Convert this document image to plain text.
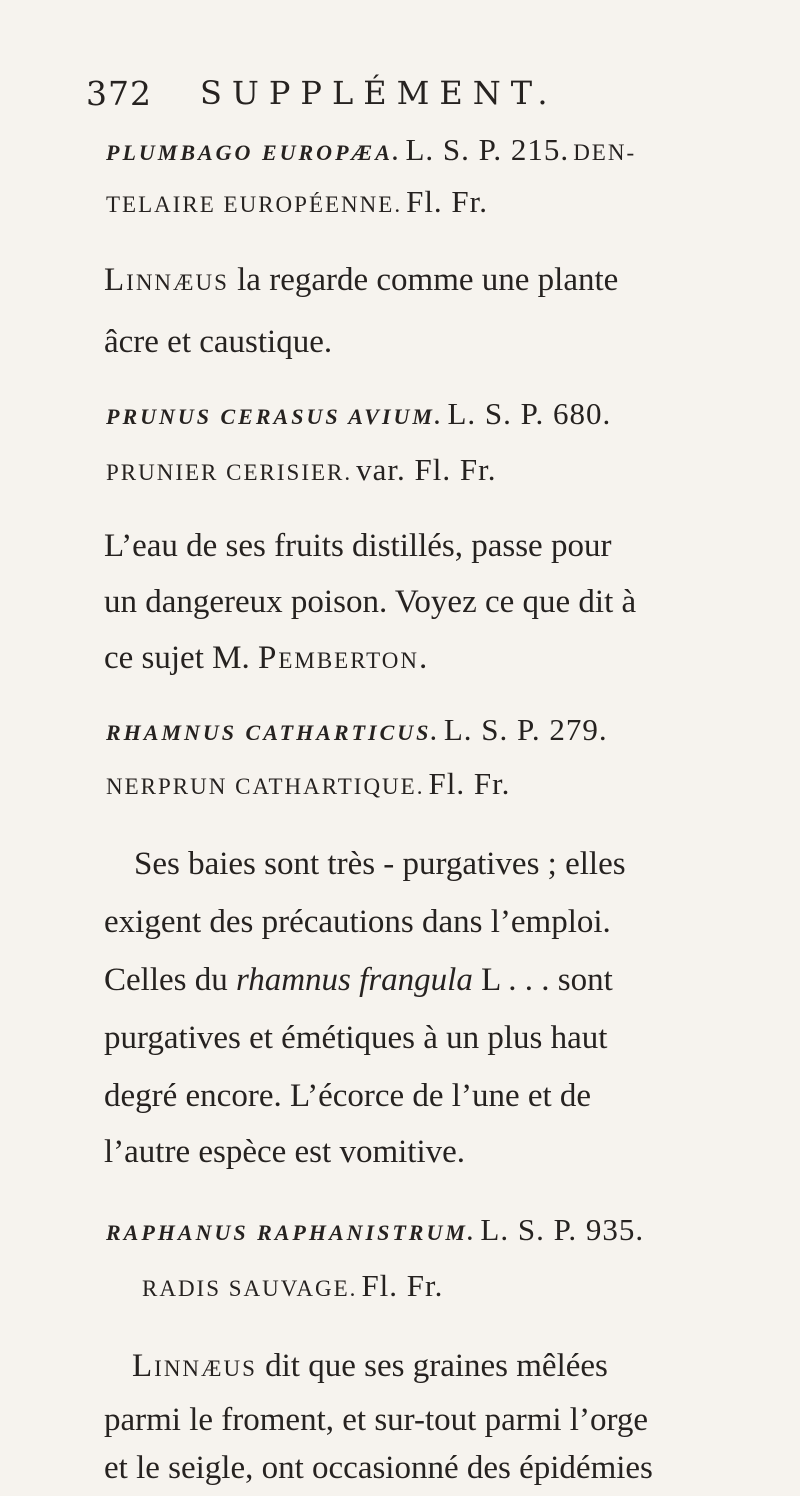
372 SUPPLÉMENT.
PLUMBAGO EUROPÆA. L. S. P. 215. DEN-
TELAIRE EUROPÉENNE. Fl. Fr.
Linnæus la regarde comme une plante
âcre et caustique.
PRUNUS CERASUS AVIUM. L. S. P. 680.
PRUNIER CERISIER. var. Fl. Fr.
L’eau de ses fruits distillés, passe pour
un dangereux poison. Voyez ce que dit à
ce sujet M. Pemberton.
RHAMNUS CATHARTICUS. L. S. P. 279.
NERPRUN CATHARTIQUE. Fl. Fr.
Ses baies sont très - purgatives ; elles
exigent des précautions dans l’emploi.
Celles du rhamnus frangula L . . . sont
purgatives et émétiques à un plus haut
degré encore. L’écorce de l’une et de
l’autre espèce est vomitive.
RAPHANUS RAPHANISTRUM. L. S. P. 935.
RADIS SAUVAGE. Fl. Fr.
Linnæus dit que ses graines mêlées
parmi le froment, et sur-tout parmi l’orge
et le seigle, ont occasionné des épidémies
